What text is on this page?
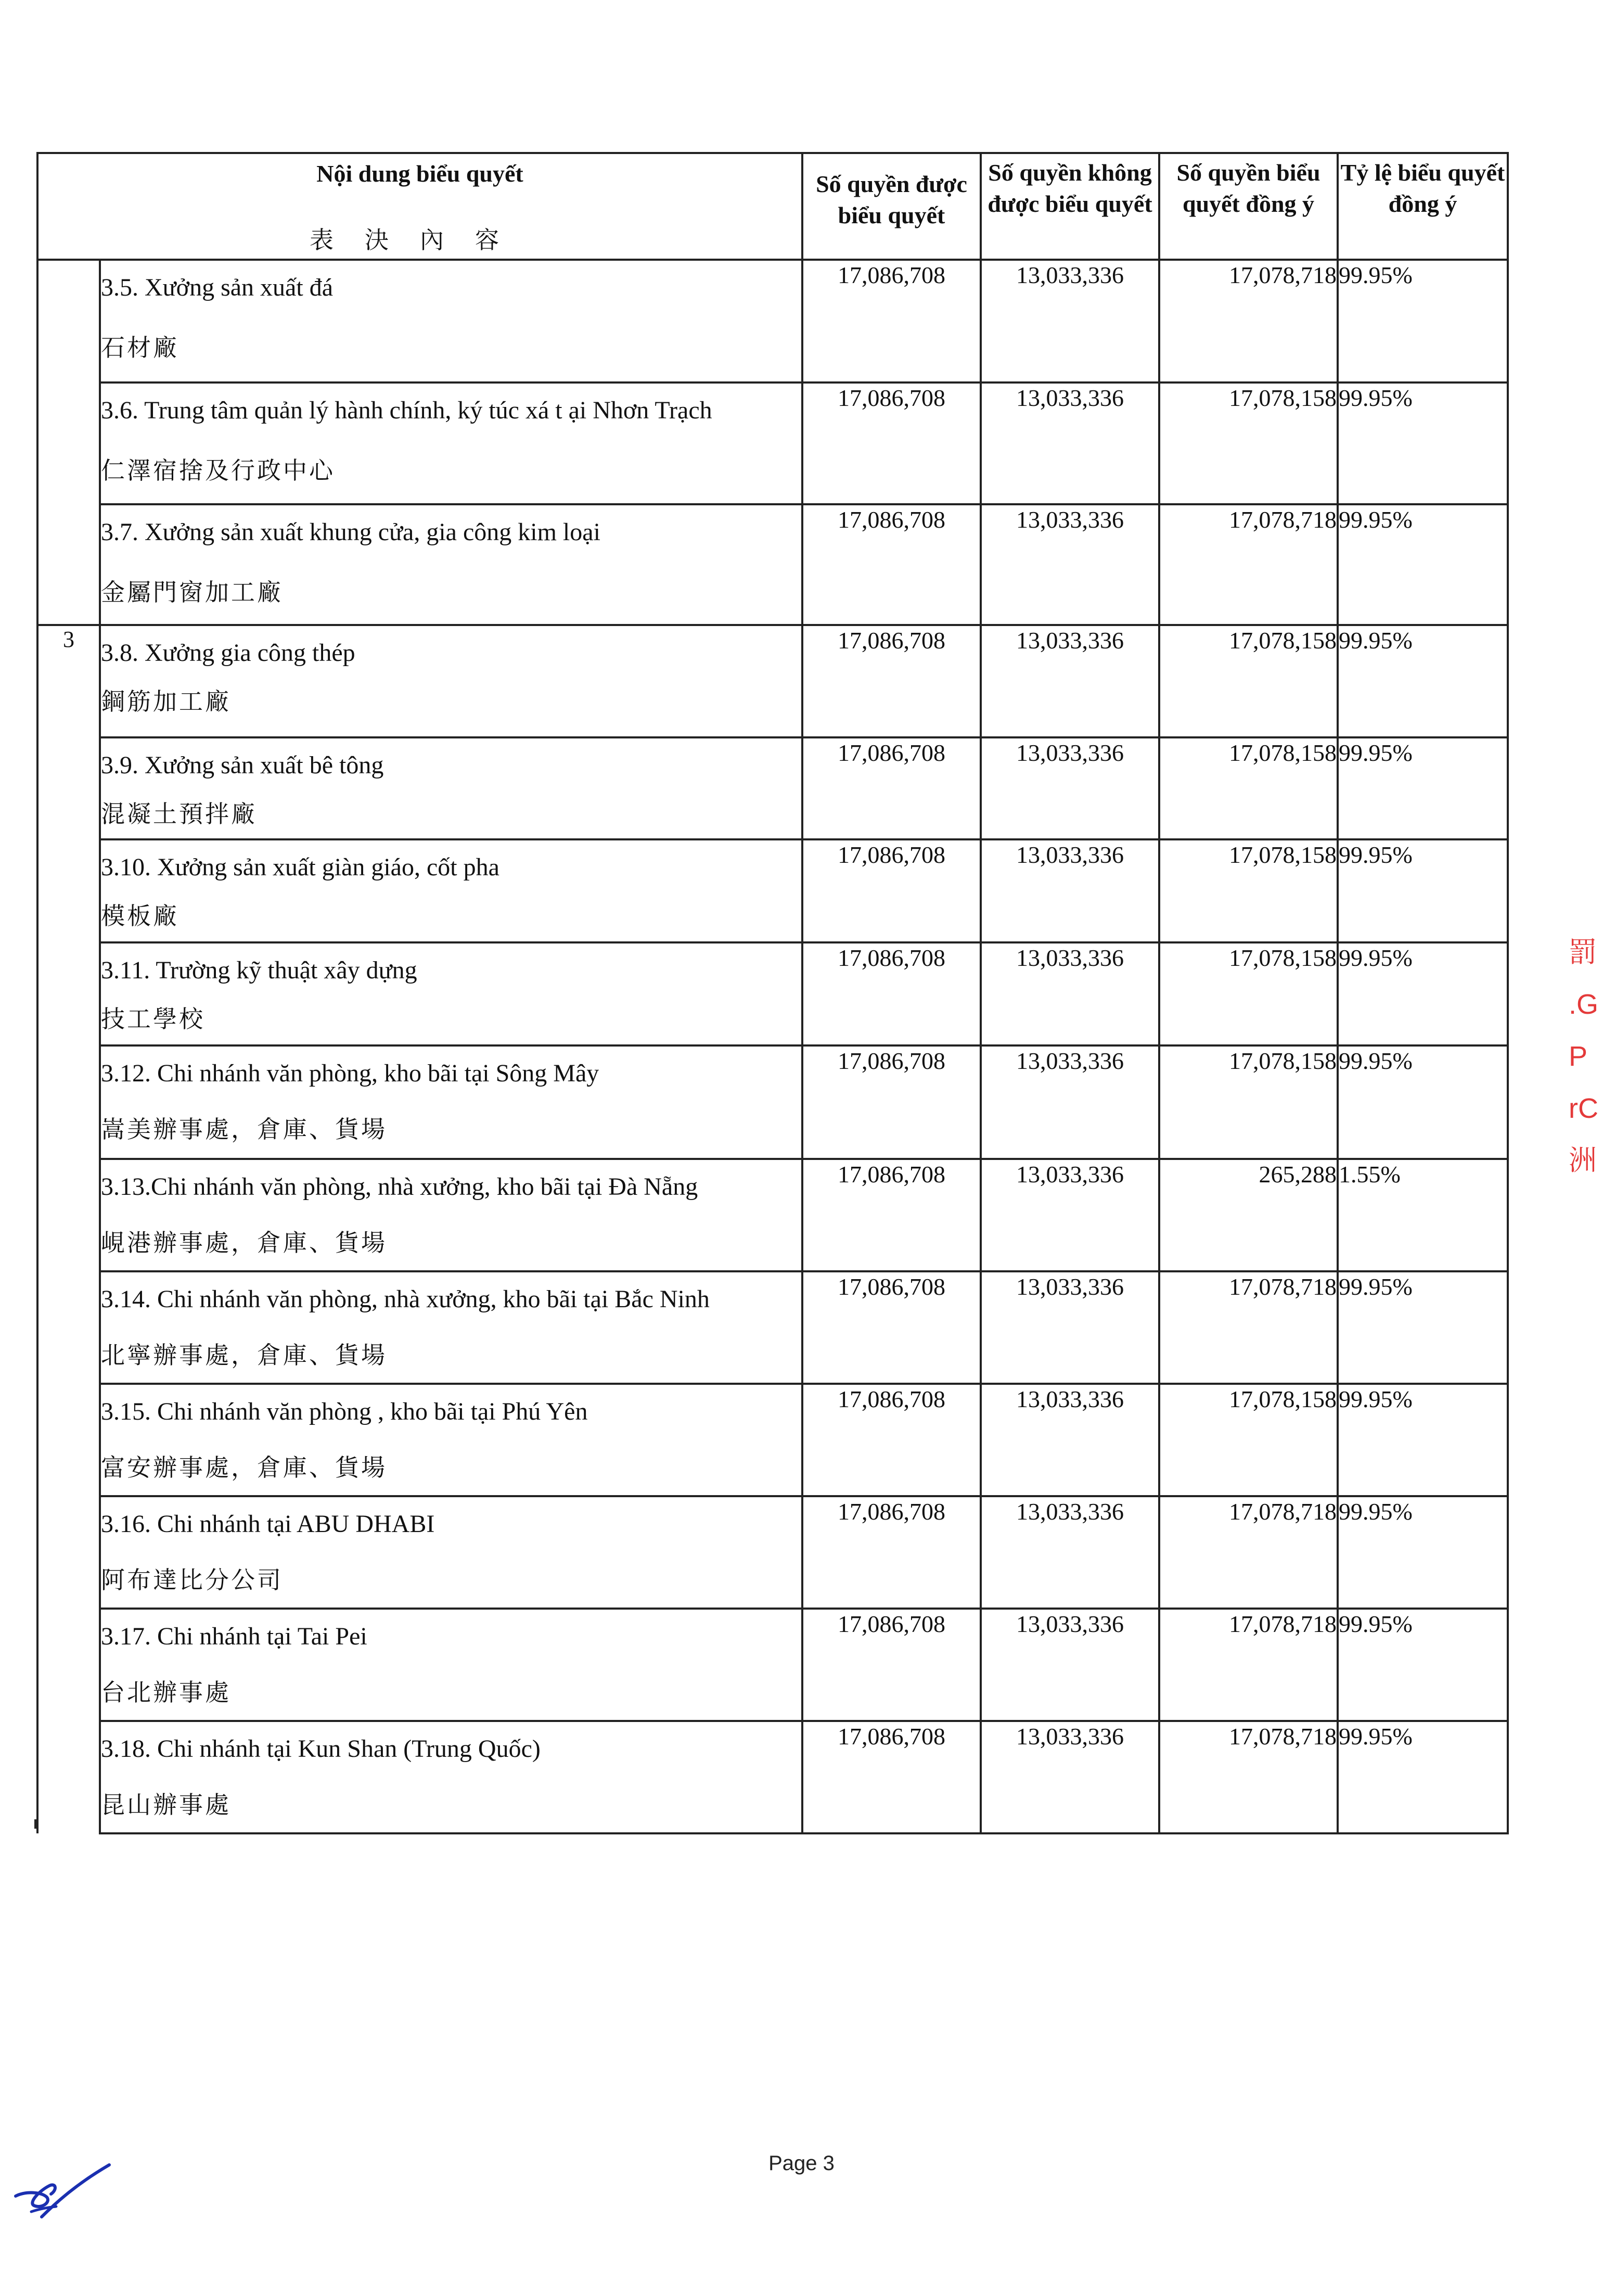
Nội dung biểu quyết
表決內容		Số quyền được biểu quyết	Số quyền không được biểu quyết	Số quyền biểu quyết đồng ý	Tỷ lệ biểu quyết đồng ý

	3.5. Xưởng sản xuất đá
石材廠	17,086,708	13,033,336	17,078,718	99.95%

	3.6. Trung tâm quản lý hành chính, ký túc xá t ại Nhơn Trạch
仁澤宿捨及行政中心	17,086,708	13,033,336	17,078,158	99.95%

	3.7. Xưởng sản xuất khung cửa, gia công kim loại
金屬門窗加工廠	17,086,708	13,033,336	17,078,718	99.95%
3	3.8. Xưởng gia công thép
鋼筋加工廠	17,086,708	13,033,336	17,078,158	99.95%

	3.9. Xưởng sản xuất bê tông
混凝土預拌廠	17,086,708	13,033,336	17,078,158	99.95%

	3.10. Xưởng sản xuất giàn giáo, cốt pha
模板廠	17,086,708	13,033,336	17,078,158	99.95%

	3.11. Trường kỹ thuật xây dựng
技工學校	17,086,708	13,033,336	17,078,158	99.95%

	3.12. Chi nhánh văn phòng, kho bãi tại Sông Mây
嵩美辦事處，倉庫、貨場	17,086,708	13,033,336	17,078,158	99.95%

	3.13.Chi nhánh văn phòng, nhà xưởng, kho bãi tại Đà Nẵng
峴港辦事處，倉庫、貨場	17,086,708	13,033,336	265,288	1.55%

	3.14. Chi nhánh văn phòng, nhà xưởng, kho bãi tại Bắc Ninh
北寧辦事處，倉庫、貨場	17,086,708	13,033,336	17,078,718	99.95%

	3.15. Chi nhánh văn phòng , kho bãi tại Phú Yên
富安辦事處，倉庫、貨場	17,086,708	13,033,336	17,078,158	99.95%

	3.16. Chi nhánh tại ABU DHABI
阿布達比分公司	17,086,708	13,033,336	17,078,718	99.95%

	3.17. Chi nhánh tại Tai Pei
台北辦事處	17,086,708	13,033,336	17,078,718	99.95%

	3.18. Chi nhánh tại Kun Shan (Trung Quốc)
昆山辦事處	17,086,708	13,033,336	17,078,718	99.95%
Page 3
罰
.G
P
rC
洲
